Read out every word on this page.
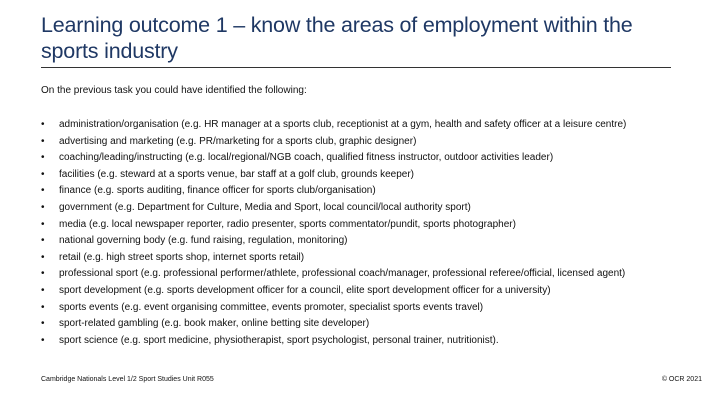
Learning outcome 1 – know the areas of employment within the sports industry
On the previous task you could have identified the following:
• administration/organisation (e.g. HR manager at a sports club, receptionist at a gym, health and safety officer at a leisure centre)
• advertising and marketing (e.g. PR/marketing for a sports club, graphic designer)
• coaching/leading/instructing (e.g. local/regional/NGB coach, qualified fitness instructor, outdoor activities leader)
• facilities (e.g. steward at a sports venue, bar staff at a golf club, grounds keeper)
• finance (e.g. sports auditing, finance officer for sports club/organisation)
• government (e.g. Department for Culture, Media and Sport, local council/local authority sport)
• media (e.g. local newspaper reporter, radio presenter, sports commentator/pundit, sports photographer)
• national governing body (e.g. fund raising, regulation, monitoring)
• retail (e.g. high street sports shop, internet sports retail)
• professional sport (e.g. professional performer/athlete, professional coach/manager, professional referee/official, licensed agent)
• sport development (e.g. sports development officer for a council, elite sport development officer for a university)
• sports events (e.g. event organising committee, events promoter, specialist sports events travel)
• sport-related gambling (e.g. book maker, online betting site developer)
• sport science (e.g. sport medicine, physiotherapist, sport psychologist, personal trainer, nutritionist).
Cambridge Nationals Level 1/2 Sport Studies Unit R055	© OCR 2021
